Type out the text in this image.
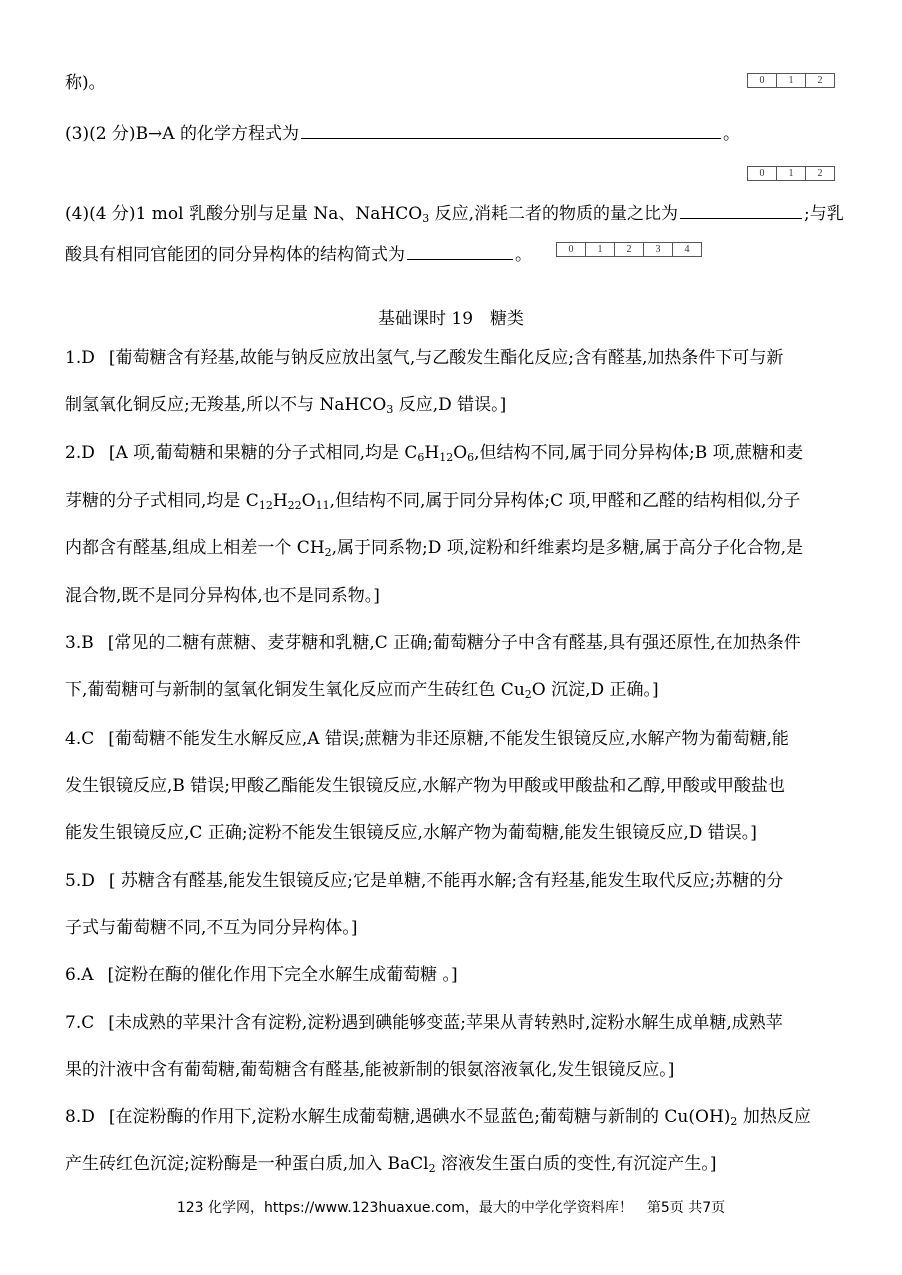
称)。	0	1	2
(3)(2 分)B→A 的化学方程式为	。
0	1	2
(4)(4 分)1 mol 乳酸分别与足量 Na、NaHCO$_3$ 反应,消耗二者的物质的量之比为	;与乳
酸具有相同官能团的同分异构体的结构简式为	。	0	1	2	3	4
基础课时 19　糖类
1.D [葡萄糖含有羟基,故能与钠反应放出氢气,与乙酸发生酯化反应;含有醛基,加热条件下可与新
制氢氧化铜反应;无羧基,所以不与 NaHCO$_3$ 反应,D 错误。]
2.D [A 项,葡萄糖和果糖的分子式相同,均是 $C_6H_{12}O_6$,但结构不同,属于同分异构体;B 项,蔗糖和麦
芽糖的分子式相同,均是 $C_{12}H_{22}O_{11}$,但结构不同,属于同分异构体;C 项,甲醛和乙醛的结构相似,分子
内都含有醛基,组成上相差一个 $CH_2$,属于同系物;D 项,淀粉和纤维素均是多糖,属于高分子化合物,是
混合物,既不是同分异构体,也不是同系物。]
3.B [常见的二糖有蔗糖、麦芽糖和乳糖,C 正确;葡萄糖分子中含有醛基,具有强还原性,在加热条件
下,葡萄糖可与新制的氢氧化铜发生氧化反应而产生砖红色 $Cu_2O$ 沉淀,D 正确。]
4.C [葡萄糖不能发生水解反应,A 错误;蔗糖为非还原糖,不能发生银镜反应,水解产物为葡萄糖,能
发生银镜反应,B 错误;甲酸乙酯能发生银镜反应,水解产物为甲酸或甲酸盐和乙醇,甲酸或甲酸盐也
能发生银镜反应,C 正确;淀粉不能发生银镜反应,水解产物为葡萄糖,能发生银镜反应,D 错误。]
5.D [ 苏糖含有醛基,能发生银镜反应;它是单糖,不能再水解;含有羟基,能发生取代反应;苏糖的分
子式与葡萄糖不同,不互为同分异构体。]
6.A [淀粉在酶的催化作用下完全水解生成葡萄糖 。]
7.C [未成熟的苹果汁含有淀粉,淀粉遇到碘能够变蓝;苹果从青转熟时,淀粉水解生成单糖,成熟苹
果的汁液中含有葡萄糖,葡萄糖含有醛基,能被新制的银氨溶液氧化,发生银镜反应。]
8.D [在淀粉酶的作用下,淀粉水解生成葡萄糖,遇碘水不显蓝色;葡萄糖与新制的 $Cu(OH)_2$ 加热反应
产生砖红色沉淀;淀粉酶是一种蛋白质,加入 BaCl$_2$ 溶液发生蛋白质的变性,有沉淀产生。]
123 化学网，https://www.123huaxue.com，最大的中学化学资料库！　第5页 共7页
